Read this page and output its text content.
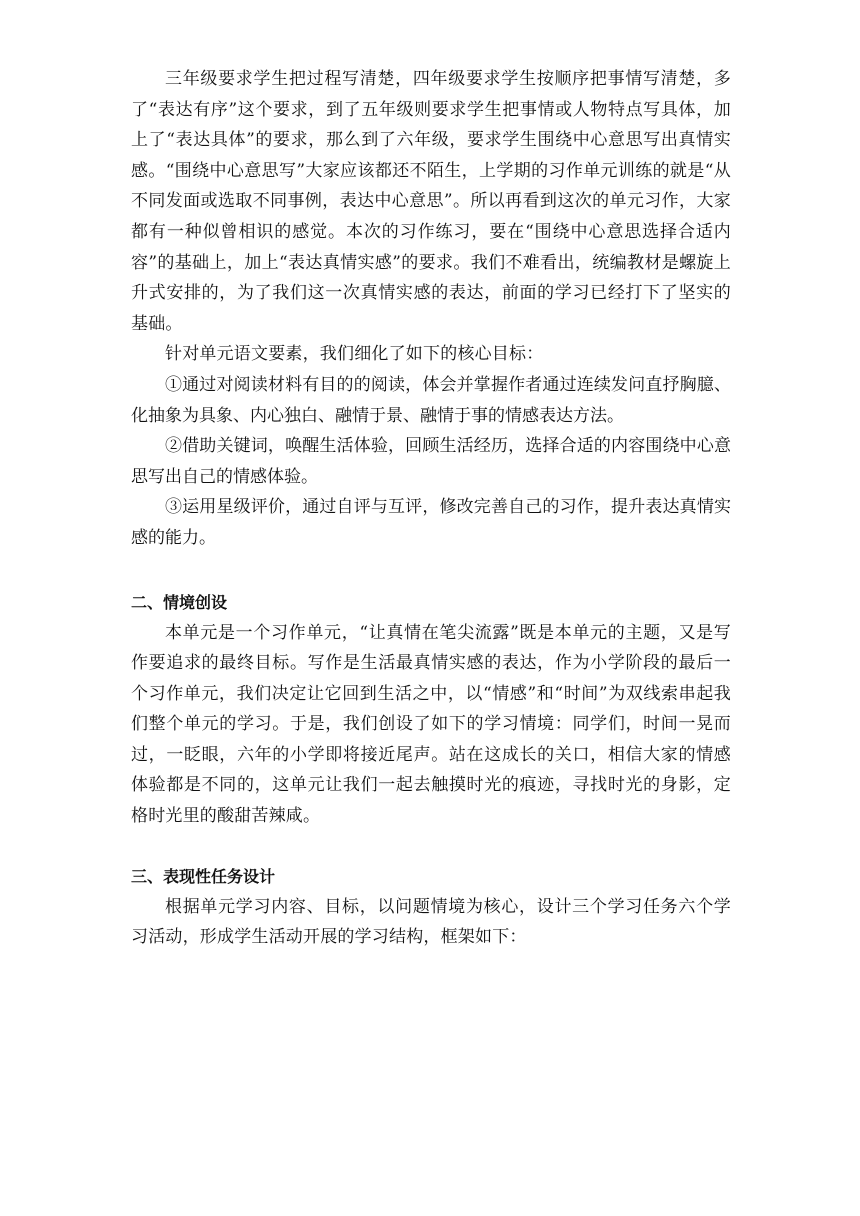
三年级要求学生把过程写清楚，四年级要求学生按顺序把事情写清楚，多了“表达有序”这个要求，到了五年级则要求学生把事情或人物特点写具体，加上了“表达具体”的要求，那么到了六年级，要求学生围绕中心意思写出真情实感。“围绕中心意思写”大家应该都还不陌生，上学期的习作单元训练的就是“从不同发面或选取不同事例，表达中心意思”。所以再看到这次的单元习作，大家都有一种似曾相识的感觉。本次的习作练习，要在“围绕中心意思选择合适内容”的基础上，加上“表达真情实感”的要求。我们不难看出，统编教材是螺旋上升式安排的，为了我们这一次真情实感的表达，前面的学习已经打下了坚实的基础。

针对单元语文要素，我们细化了如下的核心目标：

①通过对阅读材料有目的的阅读，体会并掌握作者通过连续发问直抒胸臆、化抽象为具象、内心独白、融情于景、融情于事的情感表达方法。

②借助关键词，唤醒生活体验，回顾生活经历，选择合适的内容围绕中心意思写出自己的情感体验。

③运用星级评价，通过自评与互评，修改完善自己的习作，提升表达真情实感的能力。

二、情境创设

本单元是一个习作单元，“让真情在笔尖流露”既是本单元的主题，又是写作要追求的最终目标。写作是生活最真情实感的表达，作为小学阶段的最后一个习作单元，我们决定让它回到生活之中，以“情感”和“时间”为双线索串起我们整个单元的学习。于是，我们创设了如下的学习情境：同学们，时间一晃而过，一眨眼，六年的小学即将接近尾声。站在这成长的关口，相信大家的情感体验都是不同的，这单元让我们一起去触摸时光的痕迹，寻找时光的身影，定格时光里的酸甜苦辣咸。

三、表现性任务设计

根据单元学习内容、目标，以问题情境为核心，设计三个学习任务六个学习活动，形成学生活动开展的学习结构，框架如下：
